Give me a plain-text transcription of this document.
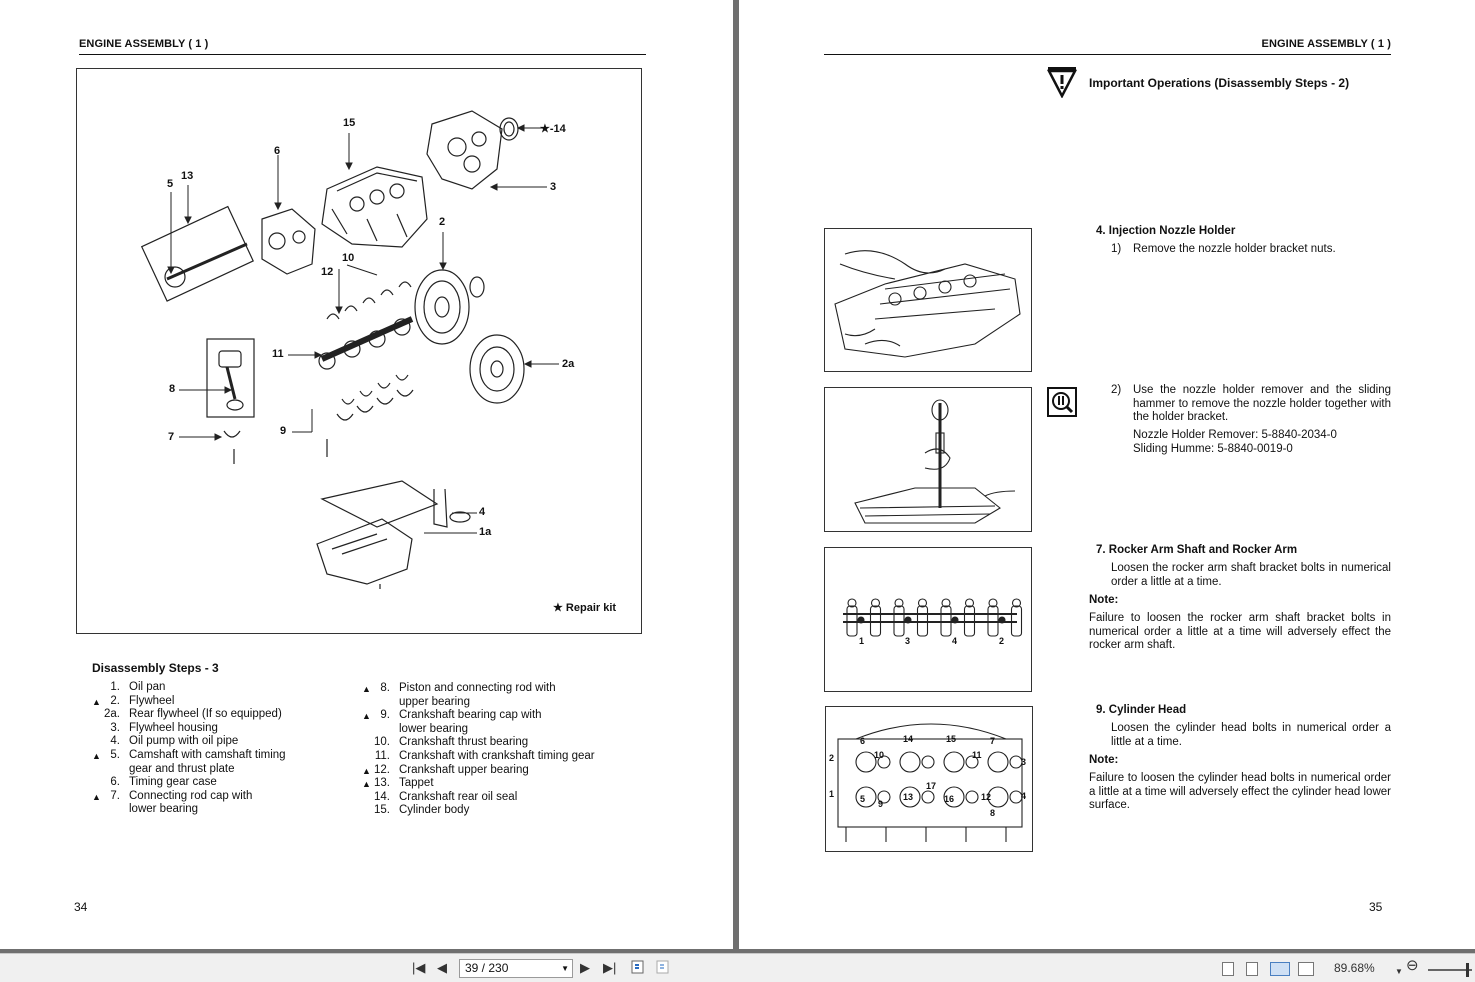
ENGINE ASSEMBLY ( 1 )
15
6
13
5
★-14
3
2
10
12
11
2a
8
7	9
4
1a
★ Repair kit
Disassembly Steps - 3
1. Oil pan
▲ 2. Flywheel
2a. Rear flywheel (If so equipped)
3. Flywheel housing
4. Oil pump with oil pipe
▲ 5. Camshaft with camshaft timing
gear and thrust plate
6. Timing gear case
▲ 7. Connecting rod cap with
lower bearing
▲ 8. Piston and connecting rod with
upper bearing
▲ 9. Crankshaft bearing cap with
lower bearing
10. Crankshaft thrust bearing
11. Crankshaft with crankshaft timing gear
▲ 12. Crankshaft upper bearing
▲ 13. Tappet
14. Crankshaft rear oil seal
15. Cylinder body
34
ENGINE ASSEMBLY ( 1 )
Important Operations (Disassembly Steps - 2)
1	3	4	2
6	14	15	7
2	10	11
3
1	5	13	16
17
12
9
8
4
4. Injection Nozzle Holder
1) Remove the nozzle holder bracket nuts.
2) Use the nozzle holder remover and the sliding hammer to remove the nozzle holder together with the holder bracket.
Nozzle Holder Remover: 5-8840-2034-0
Sliding Humme: 5-8840-0019-0
7. Rocker Arm Shaft and Rocker Arm
Loosen the rocker arm shaft bracket bolts in numerical order a little at a time.
Note:
Failure to loosen the rocker arm shaft bracket bolts in numerical order a little at a time will adversely effect the rocker arm shaft.
9. Cylinder Head
Loosen the cylinder head bolts in numerical order a little at a time.
Note:
Failure to loosen the cylinder head bolts in numerical order a little at a time will adversely effect the cylinder head lower surface.
35
|◀ ◀	39 / 230	▼ ▶ ▶|	89.68%	▼ ⊖
